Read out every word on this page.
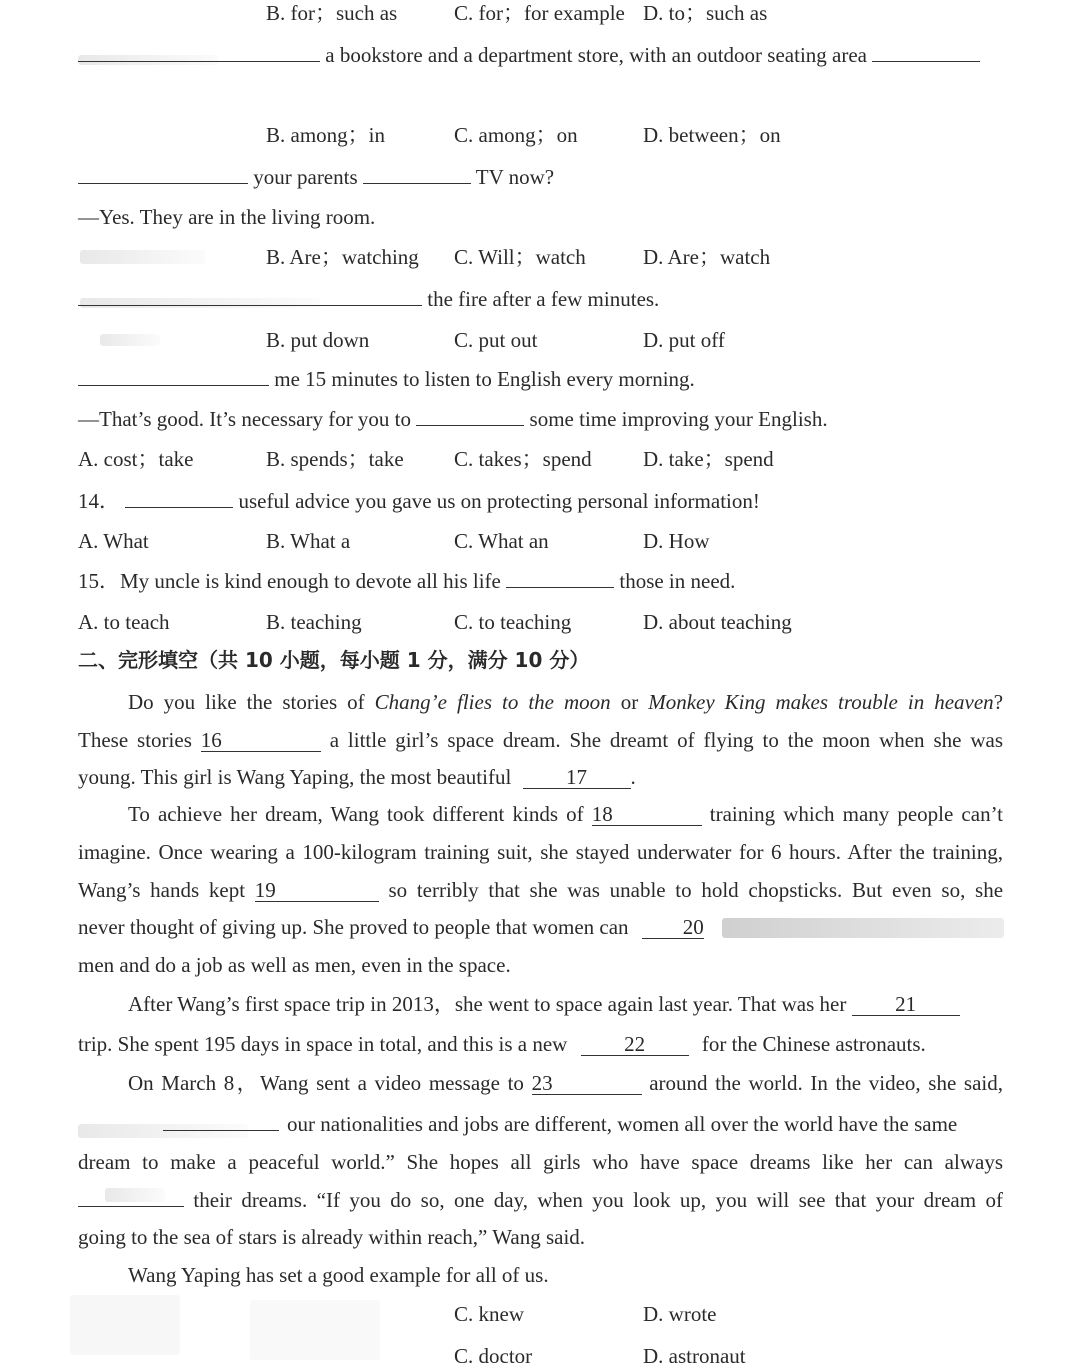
B. for；such as	C. for；for example D. to；such as
a bookstore and a department store, with an outdoor seating area
B. among；in	C. among；on	D. between；on
your parents	TV now?
—Yes. They are in the living room.
B. Are；watching C. Will；watch	D. Are；watch
the fire after a few minutes.
B. put down	C. put out	D. put off
me 15 minutes to listen to English every morning.
—That’s good. It’s necessary for you to	some time improving your English.
A. cost；take	B. spends；take C. takes；spend D. take；spend
14．	useful advice you gave us on protecting personal information!
A. What	B. What a	C. What an	D. How
15．My uncle is kind enough to devote all his life	those in need.
A. to teach	B. teaching	C. to teaching	D. about teaching
二、完形填空（共 10 小题，每小题 1 分，满分 10 分）
Do you like the stories of Chang’e flies to the moon or Monkey King makes trouble in heaven?
These stories 16	a little girl’s space dream. She dreamt of flying to the moon when she was
young. This girl is Wang Yaping, the most beautiful	17 .
To achieve her dream, Wang took different kinds of 18	training which many people can’t
imagine. Once wearing a 100-kilogram training suit, she stayed underwater for 6 hours. After the training,
Wang’s hands kept 19	so terribly that she was unable to hold chopsticks. But even so, she
never thought of giving up. She proved to people that women can	20
men and do a job as well as men, even in the space.
After Wang’s first space trip in 2013，she went to space again last year. That was her 21
trip. She spent 195 days in space in total, and this is a new	22	for the Chinese astronauts.
On March 8，Wang sent a video message to 23	around the world. In the video, she said,
our nationalities and jobs are different, women all over the world have the same
dream to make a peaceful world.” She hopes all girls who have space dreams like her can always
their dreams. “If you do so, one day, when you look up, you will see that your dream of
going to the sea of stars is already within reach,” Wang said.
Wang Yaping has set a good example for all of us.
C. knew	D. wrote
C. doctor	D. astronaut
